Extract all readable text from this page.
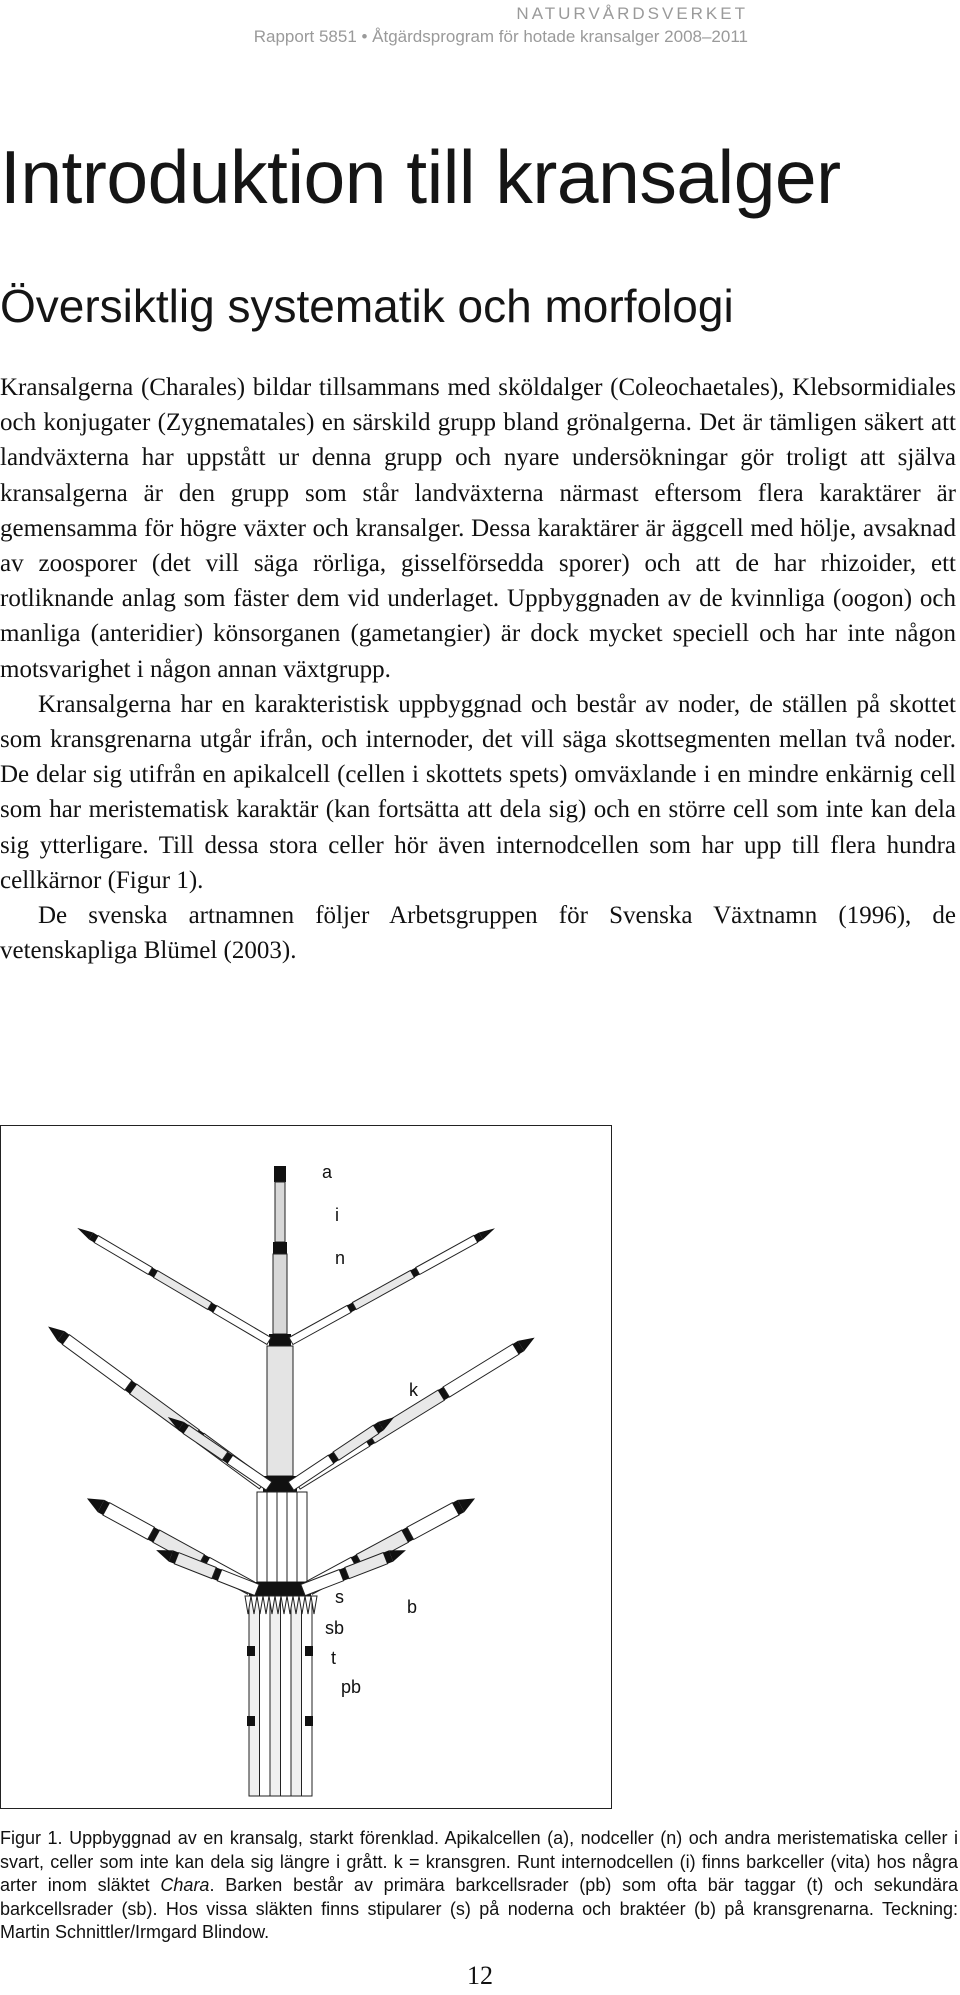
NATURVÅRDSVERKET
Rapport 5851 • Åtgärdsprogram för hotade kransalger 2008–2011
Introduktion till kransalger
Översiktlig systematik och morfologi

Kransalgerna (Charales) bildar tillsammans med sköldalger (Coleochaetales), Klebsormidiales och konjugater (Zygnematales) en särskild grupp bland grönalgerna. Det är tämligen säkert att landväxterna har uppstått ur denna grupp och nyare undersökningar gör troligt att själva kransalgerna är den grupp som står landväxterna närmast eftersom flera karaktärer är gemensamma för högre växter och kransalger. Dessa karaktärer är äggcell med hölje, avsaknad av zoosporer (det vill säga rörliga, gisselförsedda sporer) och att de har rhizoider, ett rotliknande anlag som fäster dem vid underlaget. Uppbyggnaden av de kvinnliga (oogon) och manliga (anteridier) könsorganen (gametangier) är dock mycket speciell och har inte någon motsvarighet i någon annan växtgrupp.

Kransalgerna har en karakteristisk uppbyggnad och består av noder, de ställen på skottet som kransgrenarna utgår ifrån, och internoder, det vill säga skottsegmenten mellan två noder. De delar sig utifrån en apikalcell (cellen i skottets spets) omväxlande i en mindre enkärnig cell som har meristematisk karaktär (kan fortsätta att dela sig) och en större cell som inte kan dela sig ytterligare. Till dessa stora celler hör även internodcellen som har upp till flera hundra cellkärnor (Figur 1).

De svenska artnamnen följer Arbetsgruppen för Svenska Växtnamn (1996), de vetenskapliga Blümel (2003).

a
i
n
k
s	b
sb
t
pb
Figur 1. Uppbyggnad av en kransalg, starkt förenklad. Apikalcellen (a), nodceller (n) och andra meristematiska celler i svart, celler som inte kan dela sig längre i grått. k = kransgren. Runt internodcellen (i) finns barkceller (vita) hos några arter inom släktet Chara. Barken består av primära barkcellsrader (pb) som ofta bär taggar (t) och sekundära barkcellsrader (sb). Hos vissa släkten finns stipularer (s) på noderna och braktéer (b) på kransgrenarna. Teckning: Martin Schnittler/Irmgard Blindow.
12
